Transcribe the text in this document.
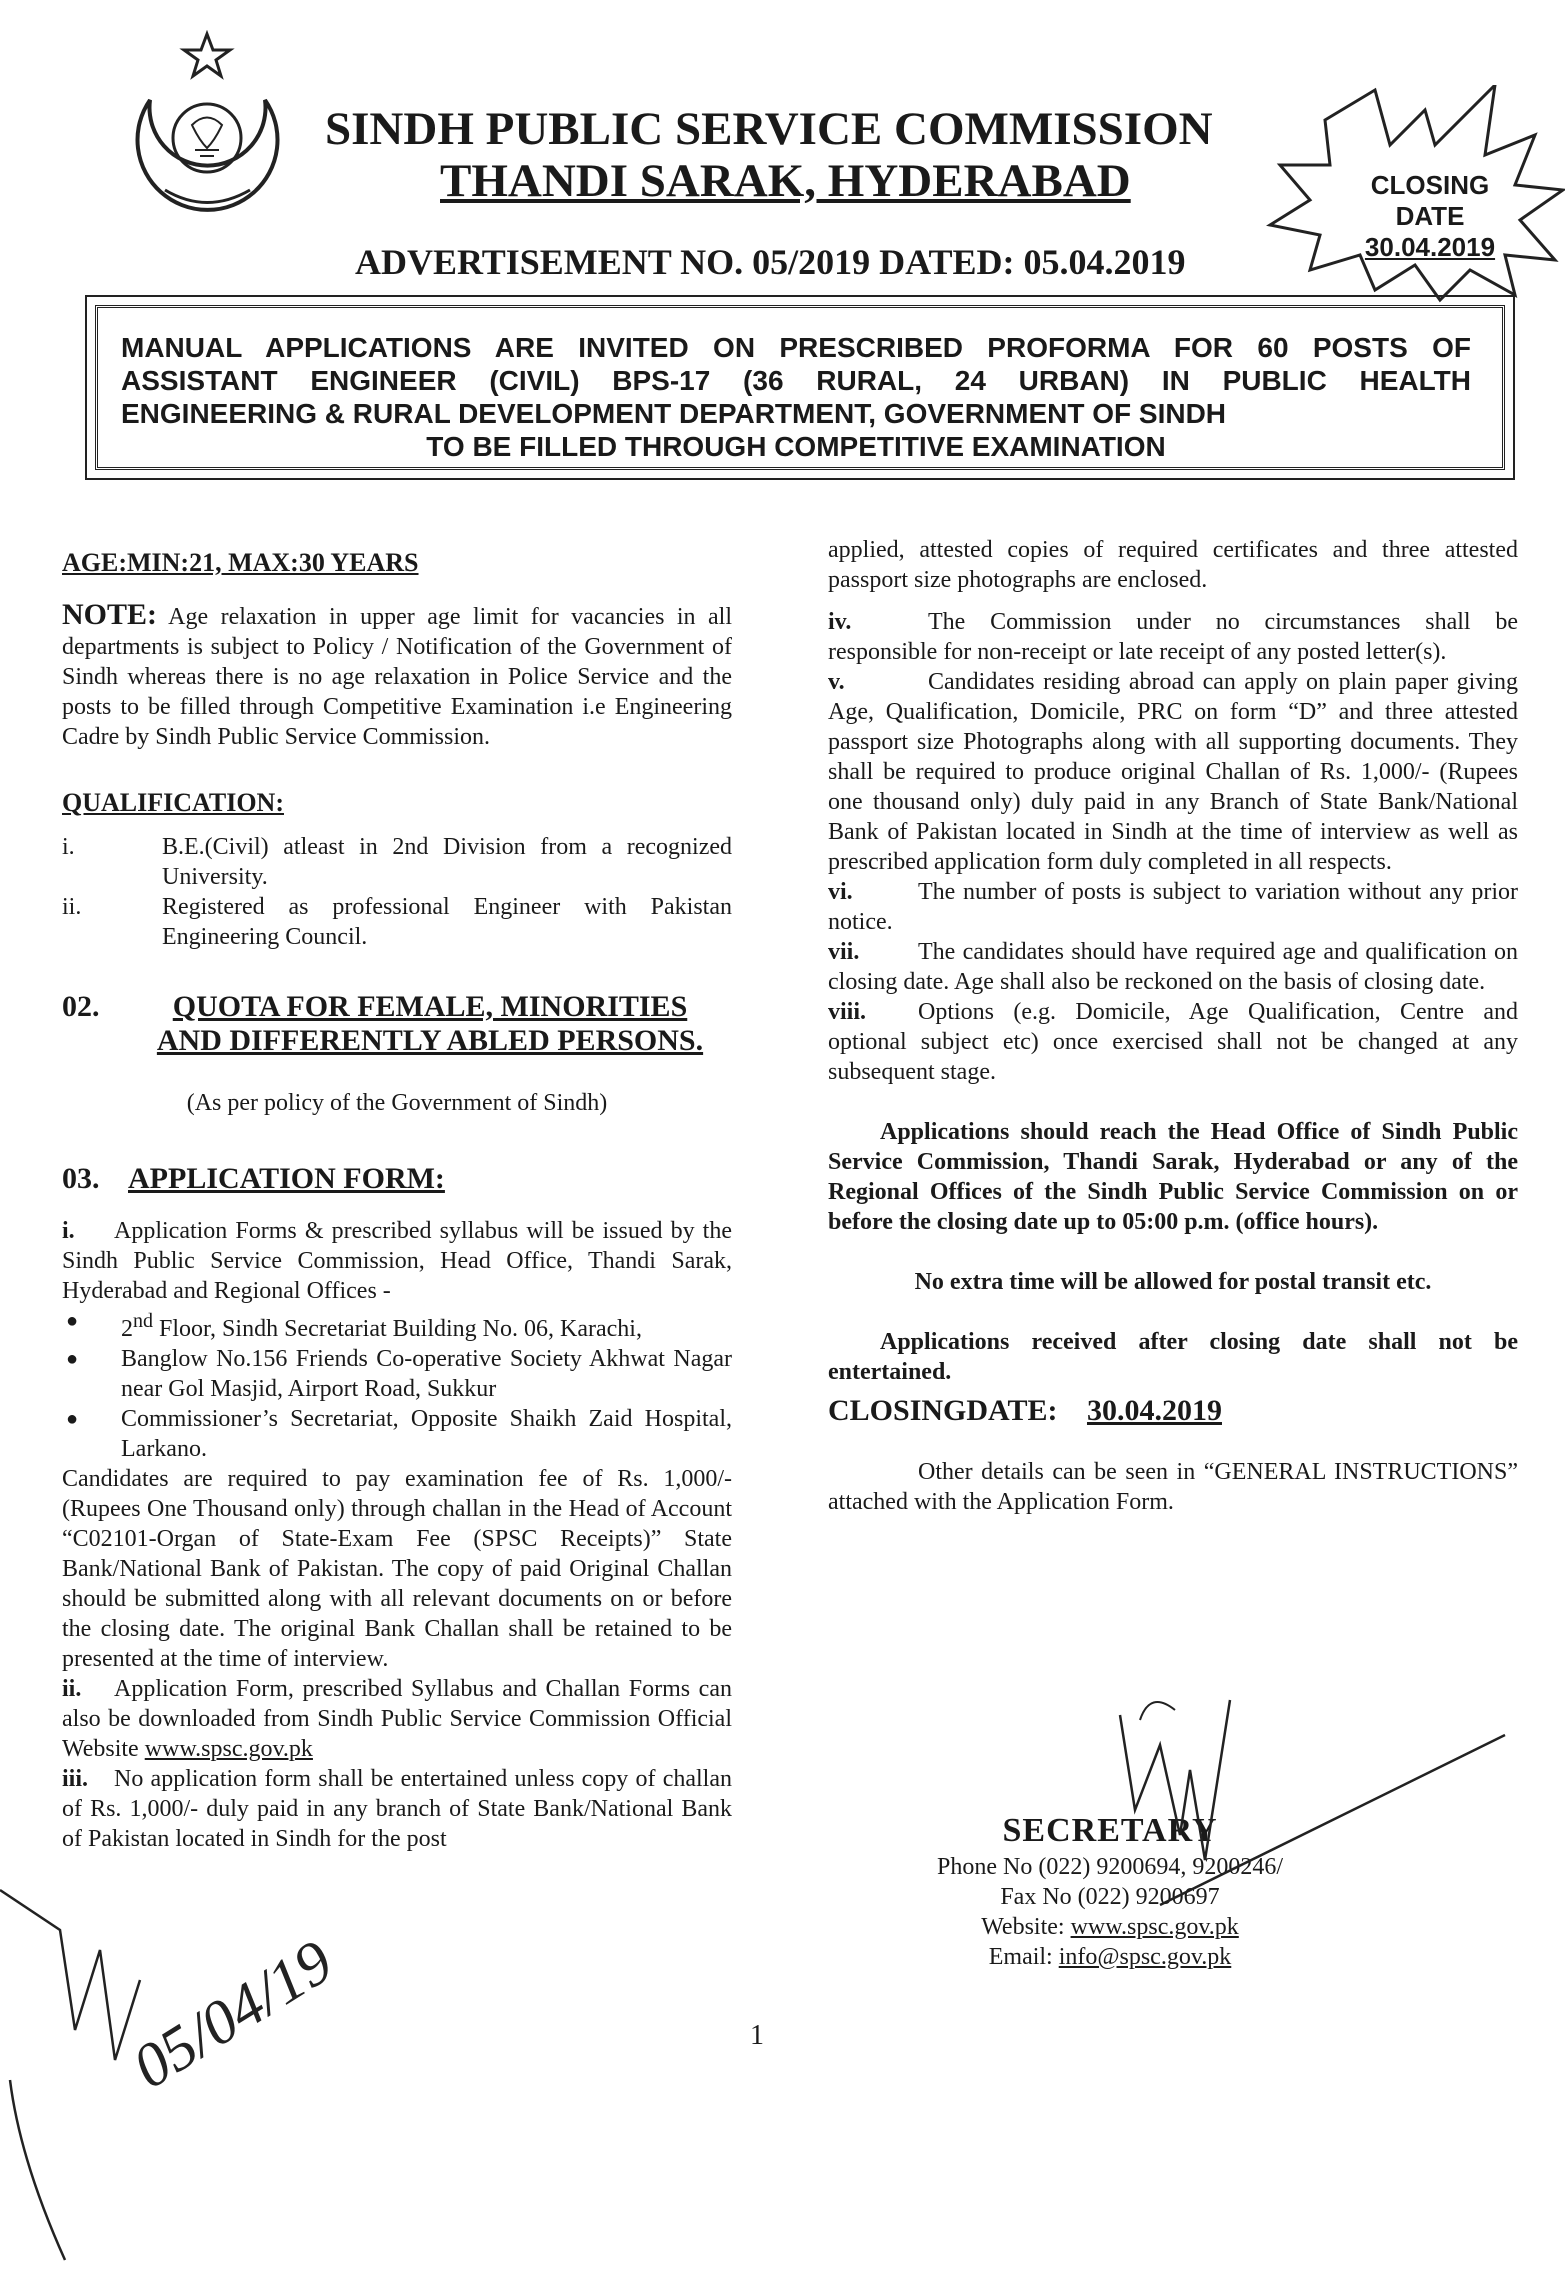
SINDH PUBLIC SERVICE COMMISSION
THANDI SARAK, HYDERABAD
ADVERTISEMENT NO. 05/2019 DATED: 05.04.2019
CLOSING
DATE
30.04.2019
MANUAL APPLICATIONS ARE INVITED ON PRESCRIBED PROFORMA FOR 60 POSTS OF
ASSISTANT ENGINEER (CIVIL) BPS-17 (36 RURAL, 24 URBAN) IN PUBLIC HEALTH
ENGINEERING & RURAL DEVELOPMENT DEPARTMENT, GOVERNMENT OF SINDH
TO BE FILLED THROUGH COMPETITIVE EXAMINATION

AGE:MIN:21, MAX:30 YEARS

NOTE: Age relaxation in upper age limit for vacancies in all departments is subject to Policy / Notification of the Government of Sindh whereas there is no age relaxation in Police Service and the posts to be filled through Competitive Examination i.e Engineering Cadre by Sindh Public Service Commission.

QUALIFICATION:

i.	B.E.(Civil) atleast in 2nd Division from a recognized University.
ii.	Registered as professional Engineer with Pakistan Engineering Council.
02.	QUOTA FOR FEMALE, MINORITIES
AND DIFFERENTLY ABLED PERSONS.

(As per policy of the Government of Sindh)

03. APPLICATION FORM:
i.	Application Forms & prescribed syllabus will be issued by the Sindh Public Service Commission, Head Office, Thandi Sarak, Hyderabad and Regional Offices -
●	2nd Floor, Sindh Secretariat Building No. 06, Karachi,
●	Banglow No.156 Friends Co-operative Society Akhwat Nagar near Gol Masjid, Airport Road, Sukkur
●	Commissioner’s Secretariat, Opposite Shaikh Zaid Hospital, Larkano.

Candidates are required to pay examination fee of Rs. 1,000/- (Rupees One Thousand only) through challan in the Head of Account “C02101-Organ of State-Exam Fee (SPSC Receipts)” State Bank/National Bank of Pakistan. The copy of paid Original Challan should be submitted along with all relevant documents on or before the closing date. The original Bank Challan shall be retained to be presented at the time of interview.

ii.	Application Form, prescribed Syllabus and Challan Forms can also be downloaded from Sindh Public Service Commission Official Website www.spsc.gov.pk
iii.	No application form shall be entertained unless copy of challan of Rs. 1,000/- duly paid in any branch of State Bank/National Bank of Pakistan located in Sindh for the post

applied, attested copies of required certificates and three attested passport size photographs are enclosed.

iv.	The Commission under no circumstances shall be responsible for non-receipt or late receipt of any posted letter(s).

v.	Candidates residing abroad can apply on plain paper giving Age, Qualification, Domicile, PRC on form “D” and three attested passport size Photographs along with all supporting documents. They shall be required to produce original Challan of Rs. 1,000/- (Rupees one thousand only) duly paid in any Branch of State Bank/National Bank of Pakistan located in Sindh at the time of interview as well as prescribed application form duly completed in all respects.

vi.	The number of posts is subject to variation without any prior notice.

vii. The candidates should have required age and qualification on closing date. Age shall also be reckoned on the basis of closing date.

viii. Options (e.g. Domicile, Age Qualification, Centre and optional subject etc) once exercised shall not be changed at any subsequent stage.

Applications should reach the Head Office of Sindh Public Service Commission, Thandi Sarak, Hyderabad or any of the Regional Offices of the Sindh Public Service Commission on or before the closing date up to 05:00 p.m. (office hours).

No extra time will be allowed for postal transit etc.

Applications received after closing date shall not be entertained.

CLOSINGDATE: 30.04.2019

Other details can be seen in “GENERAL INSTRUCTIONS” attached with the Application Form.

SECRETARY
Phone No (022) 9200694, 9200246/
Fax No (022) 9200697
Website: www.spsc.gov.pk
Email: info@spsc.gov.pk
1
05/04/19
